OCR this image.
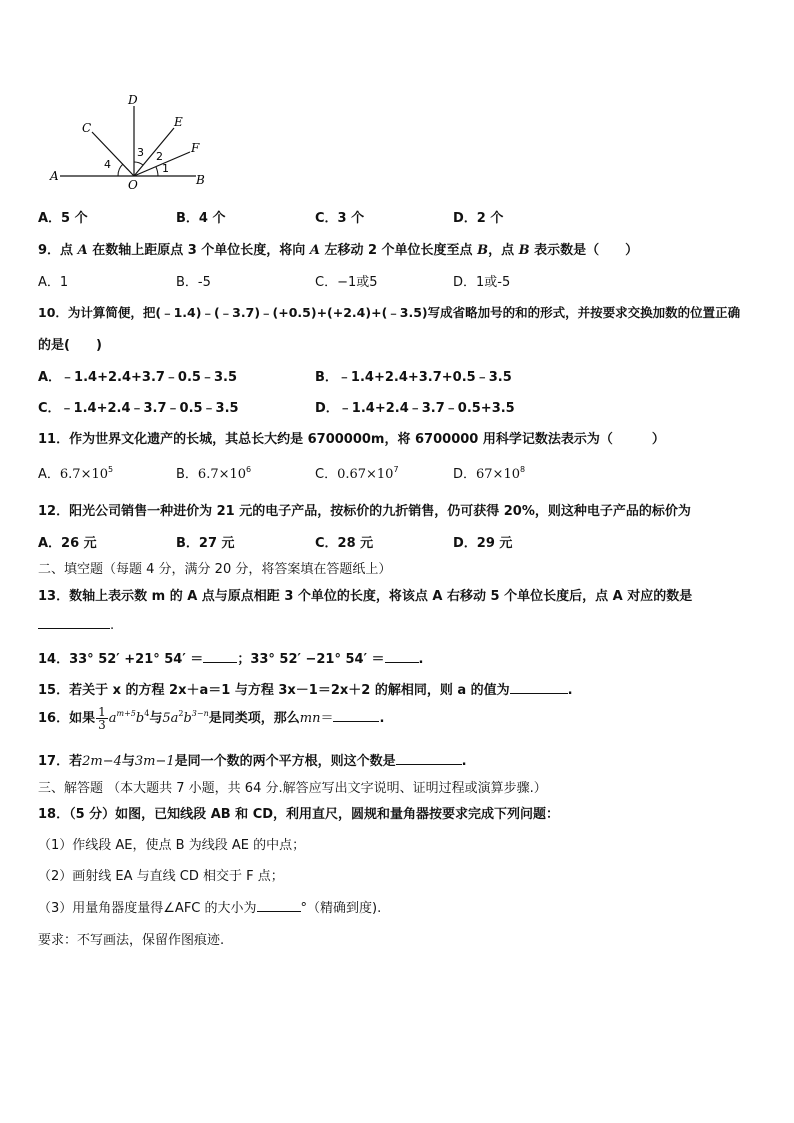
A	B
C
D
E
F
O
1
2
3
4
A．5 个	B．4 个	C．3 个	D．2 个
9．点 A 在数轴上距原点 3 个单位长度，将向 A 左移动 2 个单位长度至点 B，点 B 表示数是（　　）
A．1	B．-5	C．−1或5	D．1或-5
10．为计算简便，把(﹣1.4)﹣(﹣3.7)﹣(+0.5)+(+2.4)+(﹣3.5)写成省略加号的和的形式，并按要求交换加数的位置正确
的是(　　)
A．﹣1.4+2.4+3.7﹣0.5﹣3.5	B．﹣1.4+2.4+3.7+0.5﹣3.5
C．﹣1.4+2.4﹣3.7﹣0.5﹣3.5	D．﹣1.4+2.4﹣3.7﹣0.5+3.5
11．作为世界文化遗产的长城，其总长大约是 6700000m，将 6700000 用科学记数法表示为（　　　）
A．$6.7\times 10^5$	B．$6.7\times 10^6$	C．$0.67\times 10^7$	D．$67\times 10^8$
12．阳光公司销售一种进价为 21 元的电子产品，按标价的九折销售，仍可获得 20%，则这种电子产品的标价为
A．26 元	B．27 元	C．28 元	D．29 元
二、填空题（每题 4 分，满分 20 分，将答案填在答题纸上）
13．数轴上表示数 m 的 A 点与原点相距 3 个单位的长度，将该点 A 右移动 5 个单位长度后，点 A 对应的数是
.
14．33° 52′ +21° 54′ ＝	；33° 52′ −21° 54′ ＝	.
15．若关于 x 的方程 2x＋a＝1 与方程 3x－1＝2x＋2 的解相同，则 a 的值为	.
16．如果 $\frac{1}{3} a^{m+5}b^4$与$5a^2b^{3-n}$是同类项，那么mn＝	.
17．若2m−4与3m−1是同一个数的两个平方根，则这个数是	.
三、解答题 （本大题共 7 小题，共 64 分.解答应写出文字说明、证明过程或演算步骤.）
18．（5 分）如图，已知线段 AB 和 CD，利用直尺，圆规和量角器按要求完成下列问题：
（1）作线段 AE，使点 B 为线段 AE 的中点；
（2）画射线 EA 与直线 CD 相交于 F 点；
（3）用量角器度量得∠AFC 的大小为	°（精确到度).
要求：不写画法，保留作图痕迹.
